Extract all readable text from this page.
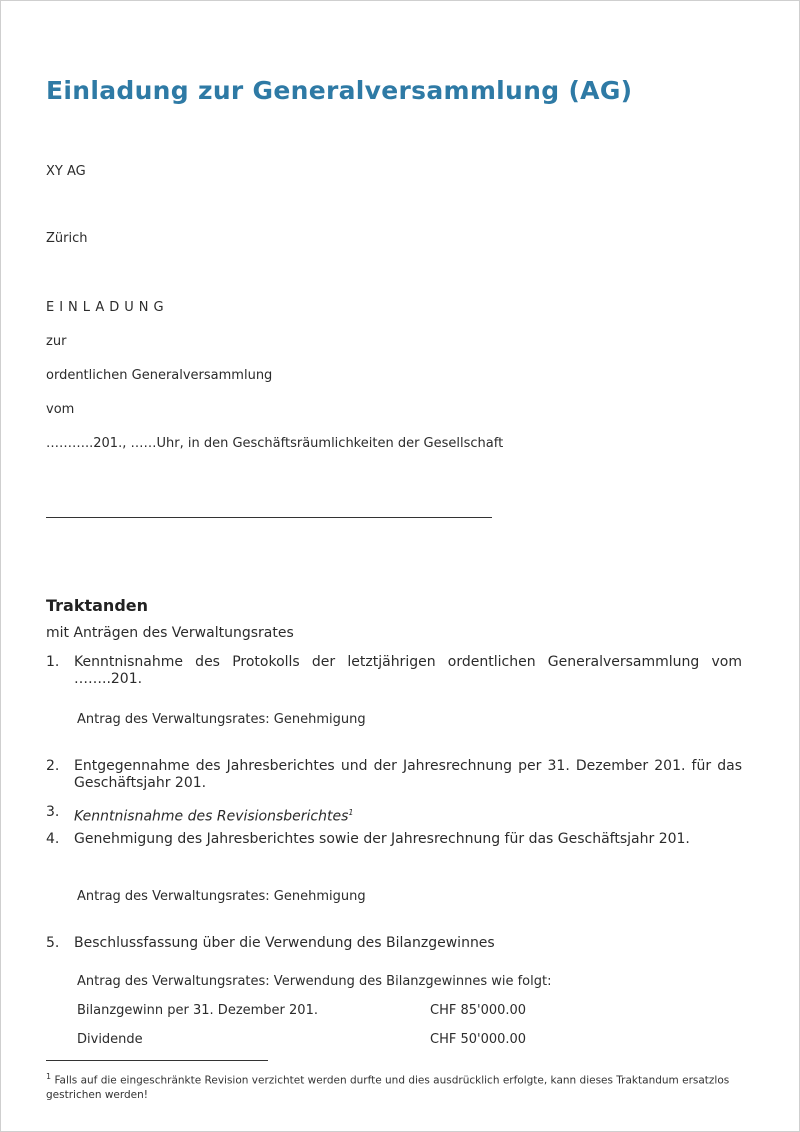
Einladung zur Generalversammlung (AG)
XY AG
Zürich
EINLADUNG
zur
ordentlichen Generalversammlung
vom
………..201., ……Uhr, in den Geschäftsräumlichkeiten der Gesellschaft
Traktanden
mit Anträgen des Verwaltungsrates
1.	Kenntnisnahme des Protokolls der letztjährigen ordentlichen Generalversammlung vom ……..201.
Antrag des Verwaltungsrates: Genehmigung
2.	Entgegennahme des Jahresberichtes und der Jahresrechnung per 31. Dezember 201. für das Geschäftsjahr 201.
3.	Kenntnisnahme des Revisionsberichtes$^1$
4.	Genehmigung des Jahresberichtes sowie der Jahresrechnung für das Geschäftsjahr 201.
Antrag des Verwaltungsrates: Genehmigung
5.	Beschlussfassung über die Verwendung des Bilanzgewinnes
Antrag des Verwaltungsrates: Verwendung des Bilanzgewinnes wie folgt:
Bilanzgewinn per 31. Dezember 201.	CHF 85'000.00
Dividende	CHF 50'000.00
$^1$ Falls auf die eingeschränkte Revision verzichtet werden durfte und dies ausdrücklich erfolgte, kann dieses Traktandum ersatzlos gestrichen werden!
